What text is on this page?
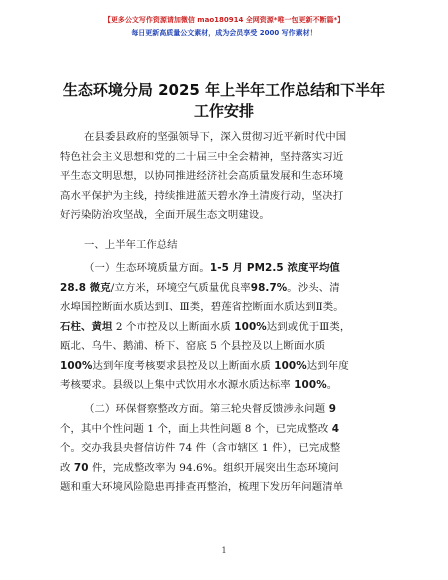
【更多公文写作资源请加微信 mao180914 全网资源*唯一包更新不断篇*】
每日更新高质量公文素材，成为会员享受 2000 写作素材！
生态环境分局 2025 年上半年工作总结和下半年
工作安排

在县委县政府的坚强领导下，深入贯彻习近平新时代中国

特色社会主义思想和党的二十届三中全会精神，坚持落实习近

平生态文明思想，以协同推进经济社会高质量发展和生态环境

高水平保护为主线，持续推进蓝天碧水净土清废行动，坚决打

好污染防治攻坚战，全面开展生态文明建设。

一、上半年工作总结

（一）生态环境质量方面。1-5 月 PM2.5 浓度平均值

28.8 微克/立方米，环境空气质量优良率98.7%。沙头、清

水埠国控断面水质达到Ⅰ、Ⅲ类，碧莲省控断面水质达到Ⅱ类。

石柱、黄坦 2 个市控及以上断面水质 100%达到或优于Ⅲ类，

瓯北、乌牛、鹅浦、桥下、窑底 5 个县控及以上断面水质

100%达到年度考核要求县控及以上断面水质 100%达到年度

考核要求。县级以上集中式饮用水水源水质达标率 100%。

（二）环保督察整改方面。第三轮央督反馈涉永问题 9

个，其中个性问题 1 个，面上共性问题 8 个，已完成整改 4

个。交办我县央督信访件 74 件（含市辖区 1 件），已完成整

改 70 件，完成整改率为 94.6%。组织开展突出生态环境问

题和重大环境风险隐患再排查再整治，梳理下发历年问题清单

1
